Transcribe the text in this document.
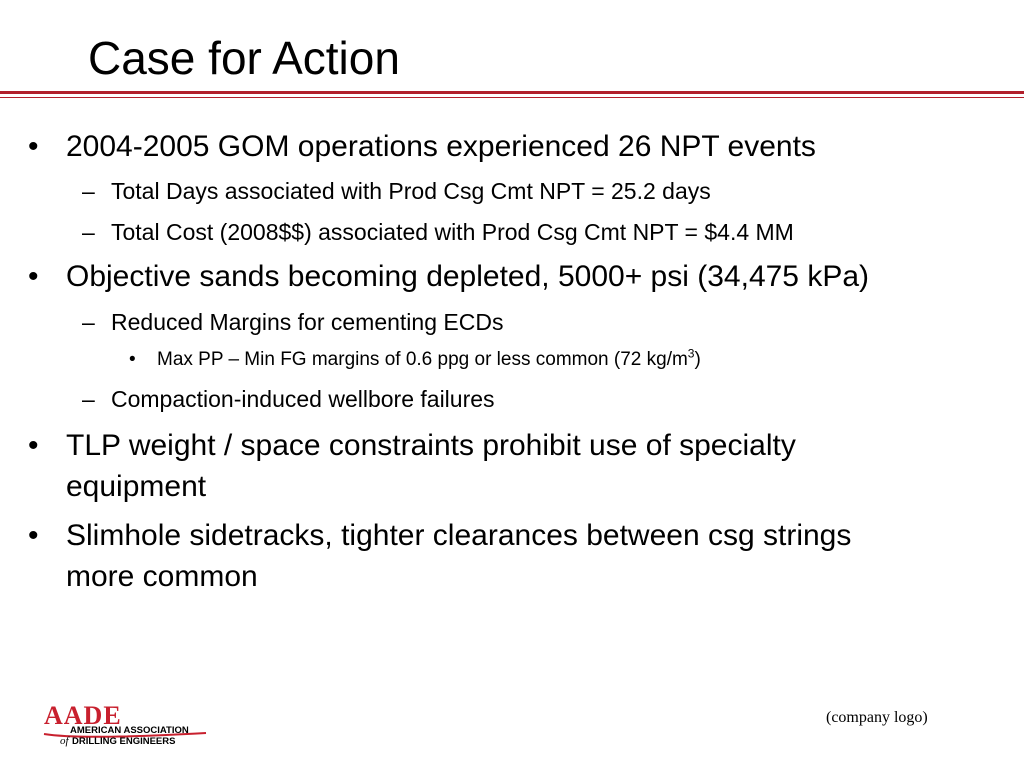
Case for Action
• 2004-2005 GOM operations experienced 26 NPT events
– Total Days associated with Prod Csg Cmt NPT = 25.2 days
– Total Cost (2008$$) associated with Prod Csg Cmt NPT = $4.4 MM
• Objective sands becoming depleted, 5000+ psi (34,475 kPa)
– Reduced Margins for cementing ECDs
• Max PP – Min FG margins of 0.6 ppg or less common (72 $kg/m^3$)
– Compaction-induced wellbore failures
• TLP weight / space constraints prohibit use of specialty
equipment
• Slimhole sidetracks, tighter clearances between csg strings
more common
AADE
AMERICAN ASSOCIATION
of DRILLING ENGINEERS
(company logo)
